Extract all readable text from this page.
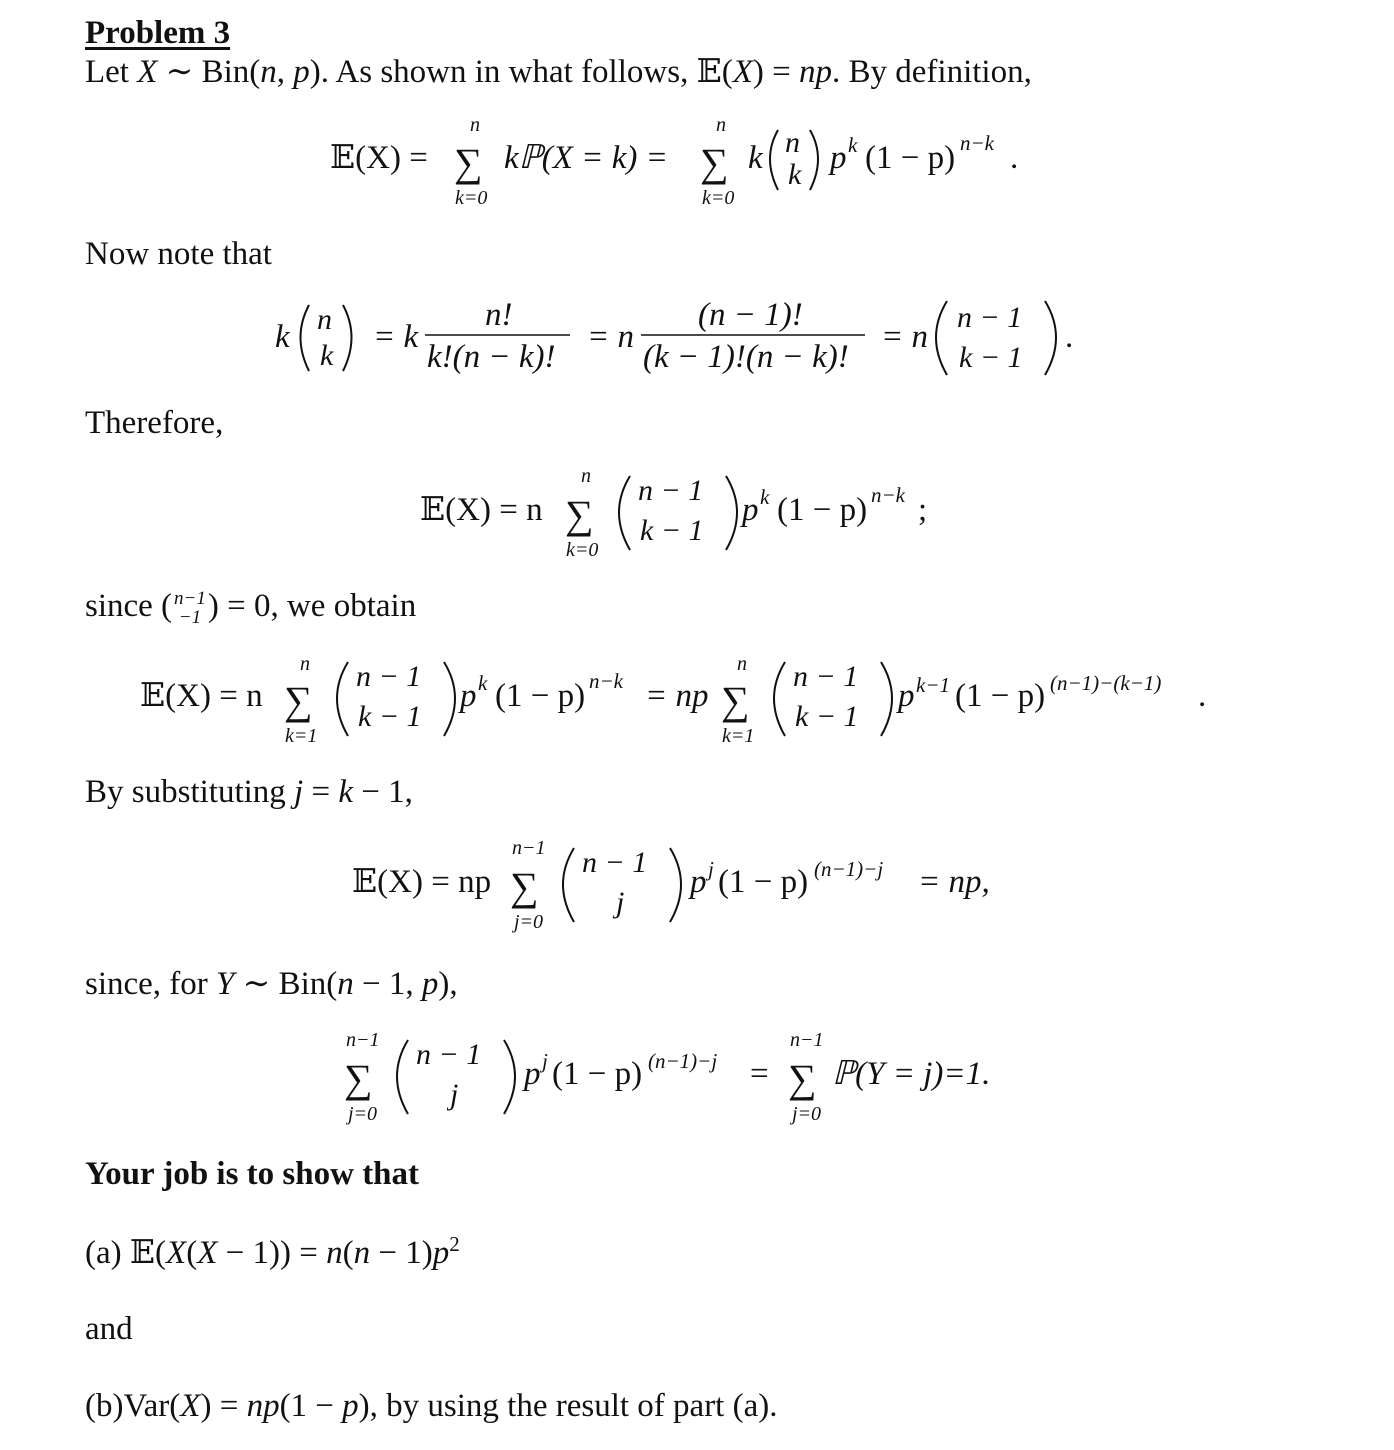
Problem 3
Let X ∼ Bin(n, p). As shown in what follows, 𝔼(X) = np. By definition,
𝔼(X) =
n
∑
k=0
kℙ(X = k) =
n
∑
k=0
k n
k p k (1 − p) n−k .
Now note that
k n
k
= k
n!
k!(n − k)!
= n
(n − 1)!
(k − 1)!(n − k)!
= n
n − 1
k − 1
.
Therefore,
𝔼(X) = n
n
∑
k=0
n − 1
k − 1
p k (1 − p) n−k ;
since ( n−1
−1 ) = 0, we obtain
𝔼(X) = n
n
∑
k=1
n − 1
k − 1
p k (1 − p) n−k = np
n
∑
k=1
n − 1
k − 1
p k−1 (1 − p) (n−1)−(k−1) .
By substituting j = k − 1,
𝔼(X) = np
n−1
∑
j=0
n − 1
j
p j (1 − p) (n−1)−j = np,
since, for Y ∼ Bin(n − 1, p),
n−1
∑
j=0
n − 1
j
p j (1 − p) (n−1)−j =
n−1
∑
j=0
ℙ(Y = j)=1.
Your job is to show that
(a) 𝔼(X(X − $1)) = n(n - 1)p^2$
and
(b)Var(X) = np(1 − p), by using the result of part (a).
